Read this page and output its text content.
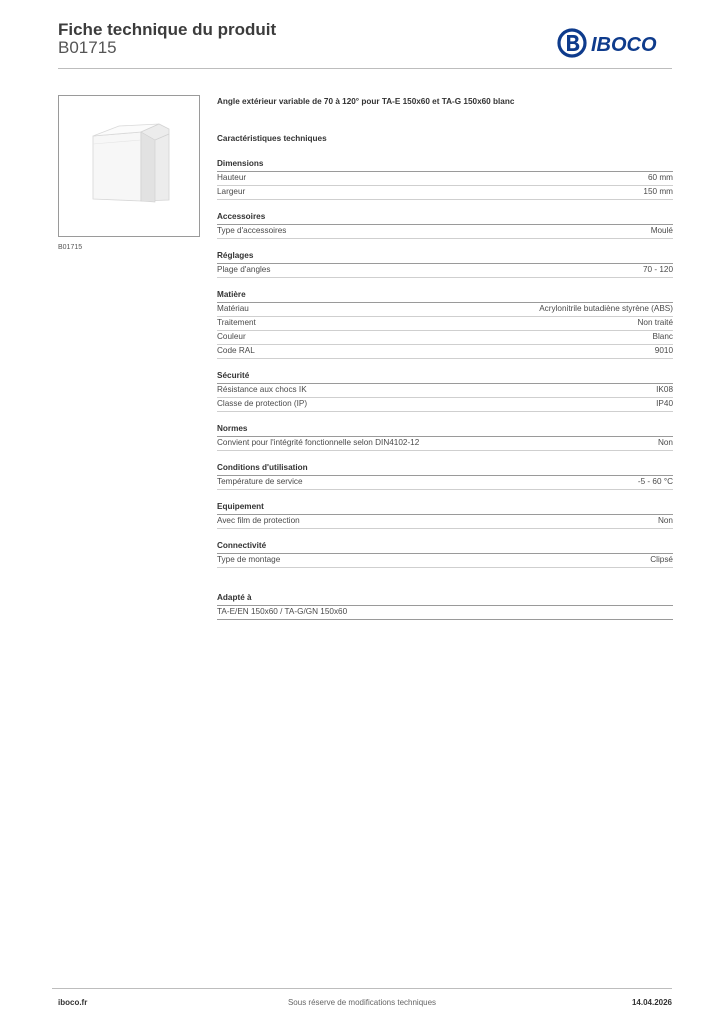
Fiche technique du produit
B01715	IBOCO
B01715
Angle extérieur variable de 70 à 120° pour TA-E 150x60 et TA-G 150x60 blanc
Caractéristiques techniques
Dimensions
Hauteur	60 mm
Largeur	150 mm
Accessoires
Type d'accessoires	Moulé
Réglages
Plage d'angles	70 - 120
Matière
Matériau	Acrylonitrile butadiène styrène (ABS)
Traitement	Non traité
Couleur	Blanc
Code RAL	9010
Sécurité
Résistance aux chocs IK	IK08
Classe de protection (IP)	IP40
Normes
Convient pour l'intégrité fonctionnelle selon DIN4102-12	Non
Conditions d'utilisation
Température de service	-5 - 60 °C
Equipement
Avec film de protection	Non
Connectivité
Type de montage	Clipsé
Adapté à
TA-E/EN 150x60 / TA-G/GN 150x60
iboco.fr	Sous réserve de modifications techniques	14.04.2026
